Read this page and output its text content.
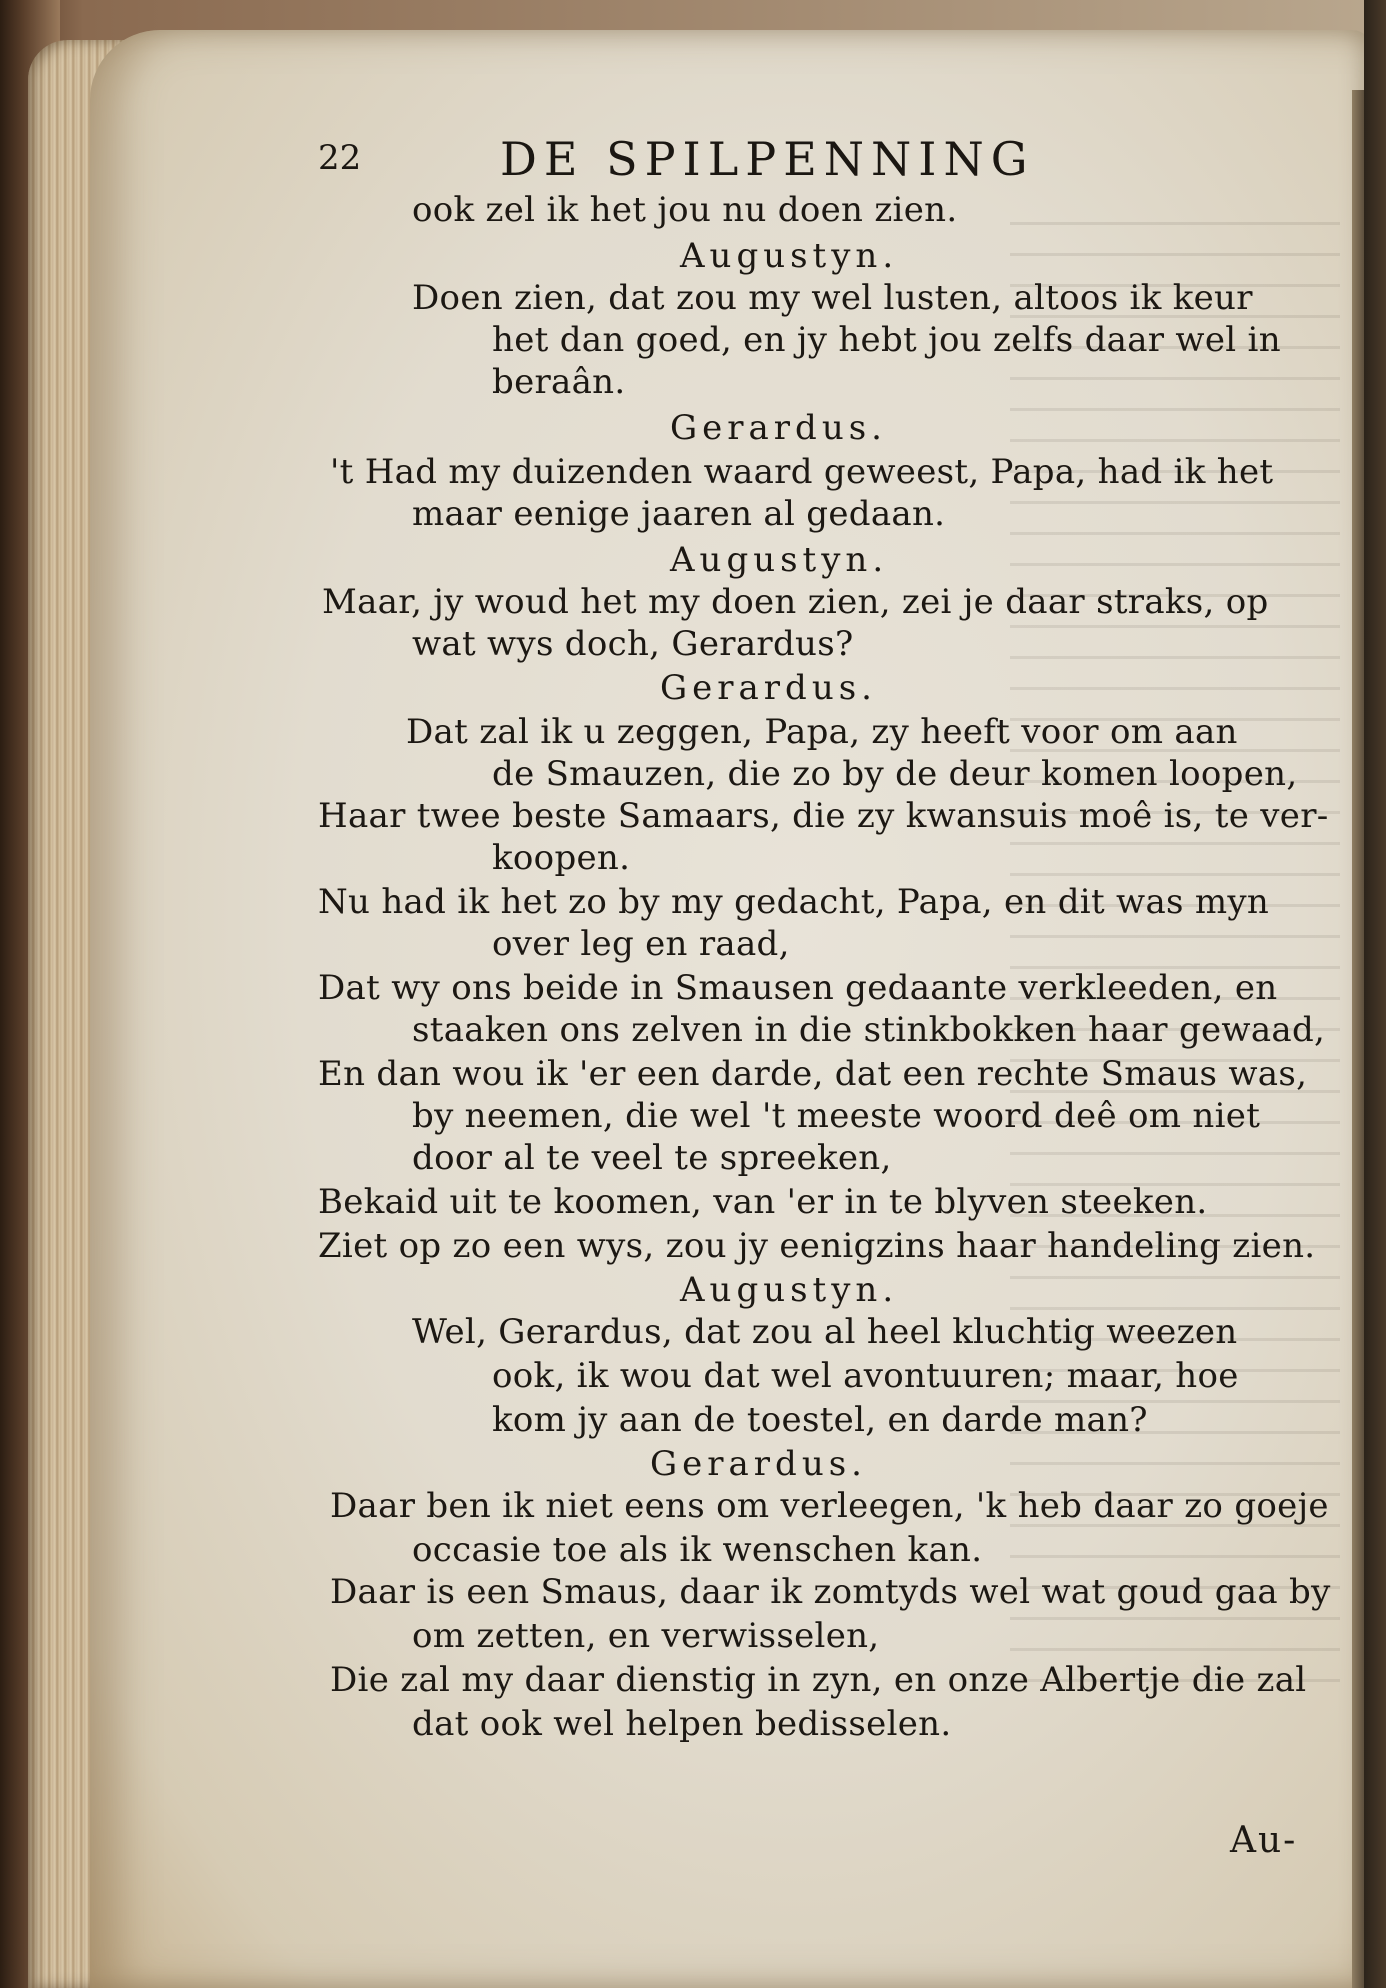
22	DE SPILPENNING
ook zel ik het jou nu doen zien.
Augustyn.
Doen zien, dat zou my wel lusten, altoos ik keur
het dan goed, en jy hebt jou zelfs daar wel in
beraân.
Gerardus.
't Had my duizenden waard geweest, Papa, had ik het
maar eenige jaaren al gedaan.
Augustyn.
Maar, jy woud het my doen zien, zei je daar straks, op
wat wys doch, Gerardus?
Gerardus.
Dat zal ik u zeggen, Papa, zy heeft voor om aan
de Smauzen, die zo by de deur komen loopen,
Haar twee beste Samaars, die zy kwansuis moê is, te ver-
koopen.
Nu had ik het zo by my gedacht, Papa, en dit was myn
over leg en raad,
Dat wy ons beide in Smausen gedaante verkleeden, en
staaken ons zelven in die stinkbokken haar gewaad,
En dan wou ik 'er een darde, dat een rechte Smaus was,
by neemen, die wel 't meeste woord deê om niet
door al te veel te spreeken,
Bekaid uit te koomen, van 'er in te blyven steeken.
Ziet op zo een wys, zou jy eenigzins haar handeling zien.
Augustyn.
Wel, Gerardus, dat zou al heel kluchtig weezen
ook, ik wou dat wel avontuuren; maar, hoe
kom jy aan de toestel, en darde man?
Gerardus.
Daar ben ik niet eens om verleegen, 'k heb daar zo goeje
occasie toe als ik wenschen kan.
Daar is een Smaus, daar ik zomtyds wel wat goud gaa by
om zetten, en verwisselen,
Die zal my daar dienstig in zyn, en onze Albertje die zal
dat ook wel helpen bedisselen.
Au-
